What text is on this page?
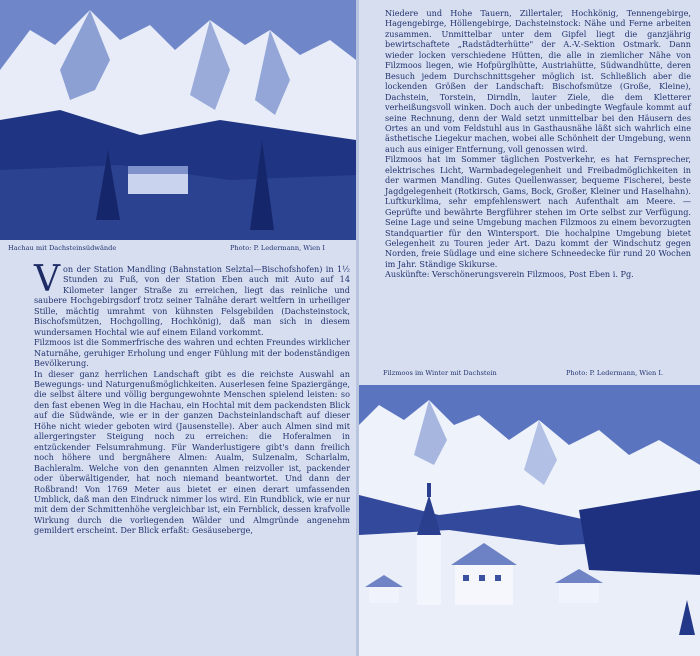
Hachau mit Dachsteinsüdwände	Photo: P. Ledermann, Wien I

Von der Station Mandling (Bahnstation Selztal—Bischofshofen) in 1½ Stunden zu Fuß, von der Station Eben auch mit Auto auf 14 Kilometer langer Straße zu erreichen, liegt das reinliche und saubere Hochgebirgsdorf trotz seiner Talnähe derart weltfern in urheiliger Stille, mächtig umrahmt von kühnsten Felsgebilden (Dachsteinstock, Bischofsmützen, Hochgolling, Hochkönig), daß man sich in diesem wundersamen Hochtal wie auf einem Eiland vorkommt.

Filzmoos ist die Sommerfrische des wahren und echten Freundes wirklicher Naturnähe, geruhiger Erholung und enger Fühlung mit der bodenständigen Bevölkerung.

In dieser ganz herrlichen Landschaft gibt es die reichste Auswahl an Bewegungs- und Naturgenußmöglichkeiten. Auserlesen feine Spaziergänge, die selbst ältere und völlig bergungewohnte Menschen spielend leisten: so den fast ebenen Weg in die Hachau, ein Hochtal mit dem packendsten Blick auf die Südwände, wie er in der ganzen Dachsteinlandschaft auf dieser Höhe nicht wieder geboten wird (Jausenstelle). Aber auch Almen sind mit allergeringster Steigung noch zu erreichen: die Hoferalmen in entzückender Felsumrahmung. Für Wanderlustigere gibt's dann freilich noch höhere und bergnähere Almen: Aualm, Sulzenalm, Scharlalm, Bachleralm. Welche von den genannten Almen reizvoller ist, packender oder überwältigender, hat noch niemand beantwortet. Und dann der Roßbrand! Von 1769 Meter aus bietet er einen derart umfassenden Umblick, daß man den Eindruck nimmer los wird. Ein Rundblick, wie er nur mit dem der Schmittenhöhe vergleichbar ist, ein Fernblick, dessen krafvolle Wirkung durch die vorliegenden Wälder und Almgründe angenehm gemildert erscheint. Der Blick erfaßt: Gesäuseberge,

Niedere und Hohe Tauern, Zillertaler, Hochkönig, Tennengebirge, Hagengebirge, Höllengebirge, Dachsteinstock: Nähe und Ferne arbeiten zusammen. Unmittelbar unter dem Gipfel liegt die ganzjährig bewirtschaftete „Radstädterhütte" der A.-V.-Sektion Ostmark. Dann wieder locken verschiedene Hütten, die alle in ziemlicher Nähe von Filzmoos liegen, wie Hofpürglhütte, Austriahütte, Südwandhütte, deren Besuch jedem Durchschnittsgeher möglich ist. Schließlich aber die lockenden Größen der Landschaft: Bischofsmütze (Große, Kleine), Dachstein, Torstein, Dirndln, lauter Ziele, die dem Kletterer verheißungsvoll winken. Doch auch der unbedingte Wegfaule kommt auf seine Rechnung, denn der Wald setzt unmittelbar bei den Häusern des Ortes an und vom Feldstuhl aus in Gasthausnähe läßt sich wahrlich eine ästhetische Liegekur machen, wobei alle Schönheit der Umgebung, wenn auch aus einiger Entfernung, voll genossen wird.

Filzmoos hat im Sommer täglichen Postverkehr, es hat Fernsprecher, elektrisches Licht, Warmbadegelegenheit und Freibadmöglichkeiten in der warmen Mandling. Gutes Quellenwasser, bequeme Fischerei, beste Jagdgelegenheit (Rotkirsch, Gams, Bock, Großer, Kleiner und Haselhahn). Luftkurklima, sehr empfehlenswert nach Aufenthalt am Meere. — Geprüfte und bewährte Bergführer stehen im Orte selbst zur Verfügung. Seine Lage und seine Umgebung machen Filzmoos zu einem bevorzugten Standquartier für den Wintersport. Die hochalpine Umgebung bietet Gelegenheit zu Touren jeder Art. Dazu kommt der Windschutz gegen Norden, freie Südlage und eine sichere Schneedecke für rund 20 Wochen im Jahr. Ständige Skikurse.

Auskünfte: Verschönerungsverein Filzmoos, Post Eben i. Pg.

Filzmoos im Winter mit Dachstein	Photo: P. Ledermann, Wien I.
